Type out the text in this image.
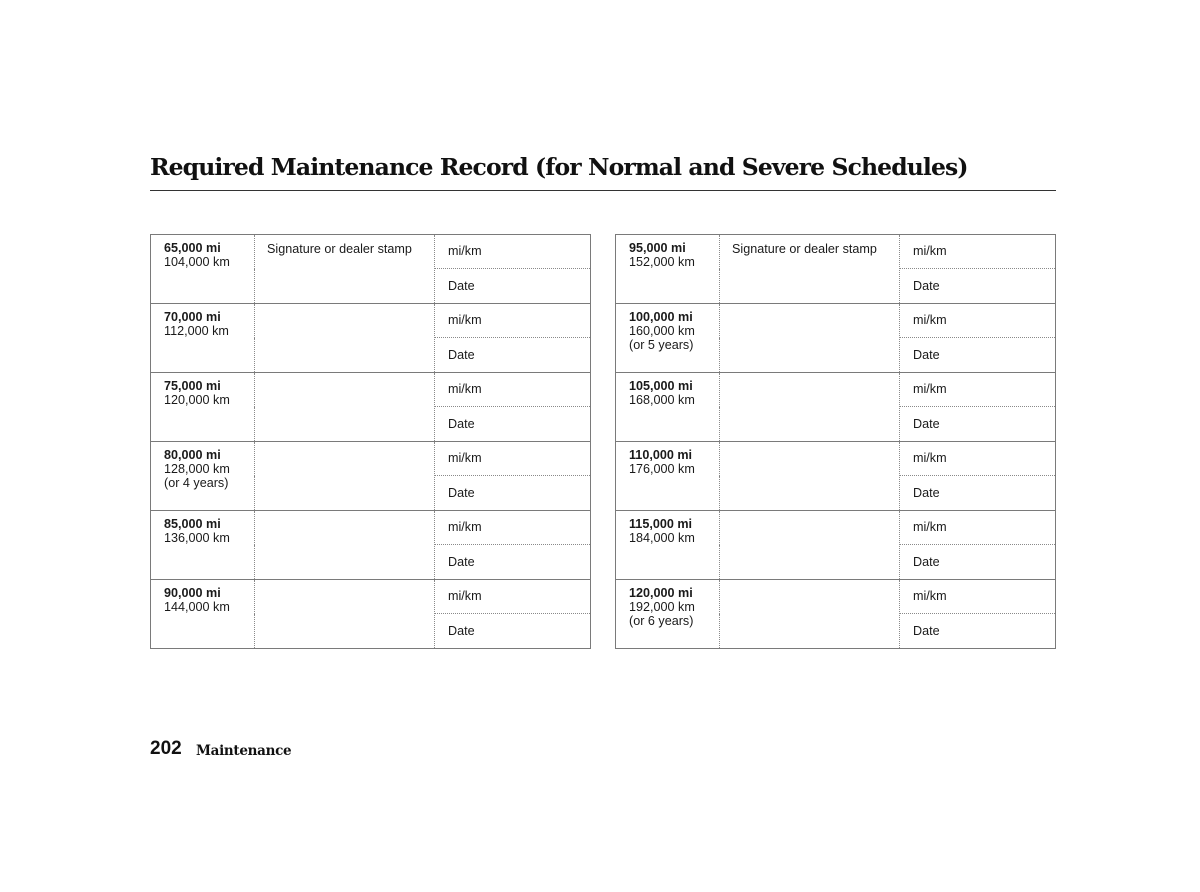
Required Maintenance Record (for Normal and Severe Schedules)
65,000 mi
104,000 km	Signature or dealer stamp	mi/km
		Date

70,000 mi
112,000 km		mi/km
		Date

75,000 mi
120,000 km		mi/km
		Date

80,000 mi
128,000 km
(or 4 years)		mi/km
		Date

85,000 mi
136,000 km		mi/km
		Date

90,000 mi
144,000 km		mi/km
		Date
95,000 mi
152,000 km	Signature or dealer stamp	mi/km
		Date

100,000 mi
160,000 km
(or 5 years)		mi/km
		Date

105,000 mi
168,000 km		mi/km
		Date

110,000 mi
176,000 km		mi/km
		Date

115,000 mi
184,000 km		mi/km
		Date

120,000 mi
192,000 km
(or 6 years)		mi/km
		Date
202 Maintenance
